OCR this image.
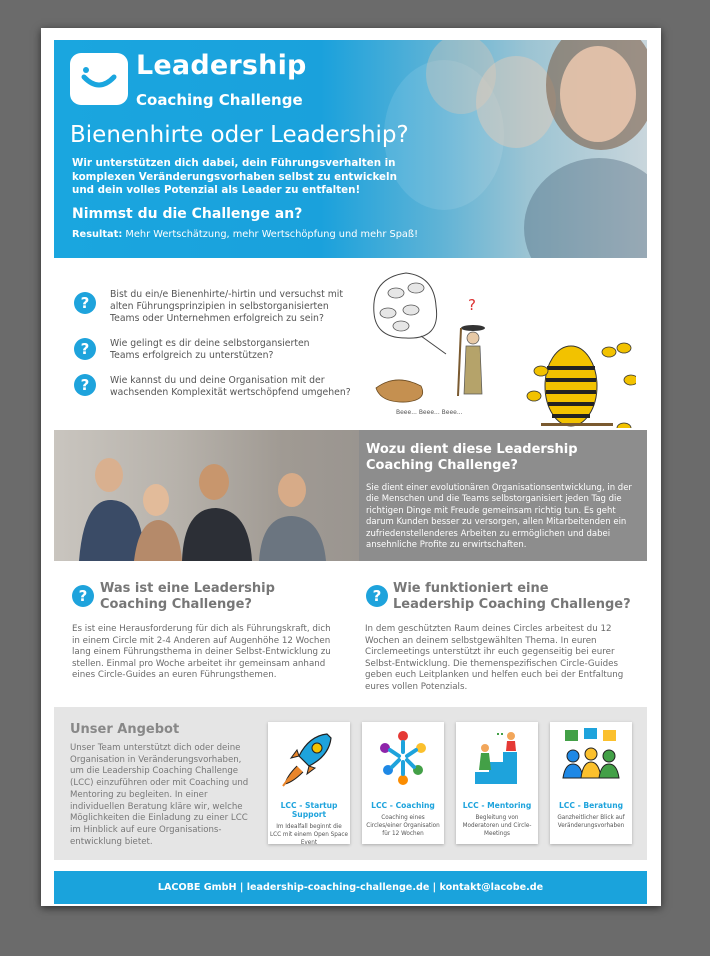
Leadership
Coaching Challenge
Bienenhirte oder Leadership?
Wir unterstützen dich dabei, dein Führungsverhalten in komplexen Veränderungsvorhaben selbst zu entwickeln und dein volles Potenzial als Leader zu entfalten!
Nimmst du die Challenge an?
Resultat: Mehr Wertschätzung, mehr Wertschöpfung und mehr Spaß!
?	Bist du ein/e Bienenhirte/-hirtin und versuchst mit alten Führungsprinzipien in selbstorganisierten Teams oder Unternehmen erfolgreich zu sein?
?	Wie gelingt es dir deine selbstorgansierten Teams erfolgreich zu unterstützen?
?	Wie kannst du und deine Organisation mit der wachsenden Komplexität wertschöpfend umgehen?
?
Beee... Beee... Beee...
Wozu dient diese Leadership Coaching Challenge?
Sie dient einer evolutionären Organisationsentwicklung, in der die Menschen und die Teams selbstorganisiert jeden Tag die richtigen Dinge mit Freude gemeinsam richtig tun. Es geht darum Kunden besser zu versorgen, allen Mitarbeitenden ein zufriedenstellenderes Arbeiten zu ermöglichen und dabei ansehnliche Profite zu erwirtschaften.
? Was ist eine Leadership Coaching Challenge?
Es ist eine Herausforderung für dich als Führungskraft, dich in einem Circle mit 2-4 Anderen auf Augenhöhe 12 Wochen lang einem Führungsthema in deiner Selbst-Entwicklung zu stellen. Einmal pro Woche arbeitet ihr gemeinsam anhand eines Circle-Guides an euren Führungsthemen.
? Wie funktioniert eine Leadership Coaching Challenge?
In dem geschützten Raum deines Circles arbeitest du 12 Wochen an deinem selbstgewählten Thema. In euren Circlemeetings unterstützt ihr euch gegenseitig bei eurer Selbst-Entwicklung. Die themenspezifischen Circle-Guides geben euch Leitplanken und helfen euch bei der Entfaltung eures vollen Potenzials.
Unser Angebot
Unser Team unterstützt dich oder deine Organisation in Veränderungsvorhaben, um die Leadership Coaching Challenge (LCC) einzuführen oder mit Coaching und Mentoring zu begleiten. In einer individuellen Beratung kläre wir, welche Möglichkeiten die Einladung zu einer LCC im Hinblick auf eure Organisations-entwicklung bietet.
LCC - Startup Support
Im Idealfall beginnt die LCC mit einem Open Space Event
LCC - Coaching
Coaching eines Circles/einer Organisation für 12 Wochen
LCC - Mentoring
Begleitung von Moderatoren und Circle-Meetings
LCC - Beratung
Ganzheitlicher Blick auf Veränderungsvorhaben
LACOBE GmbH | leadership-coaching-challenge.de | kontakt@lacobe.de
